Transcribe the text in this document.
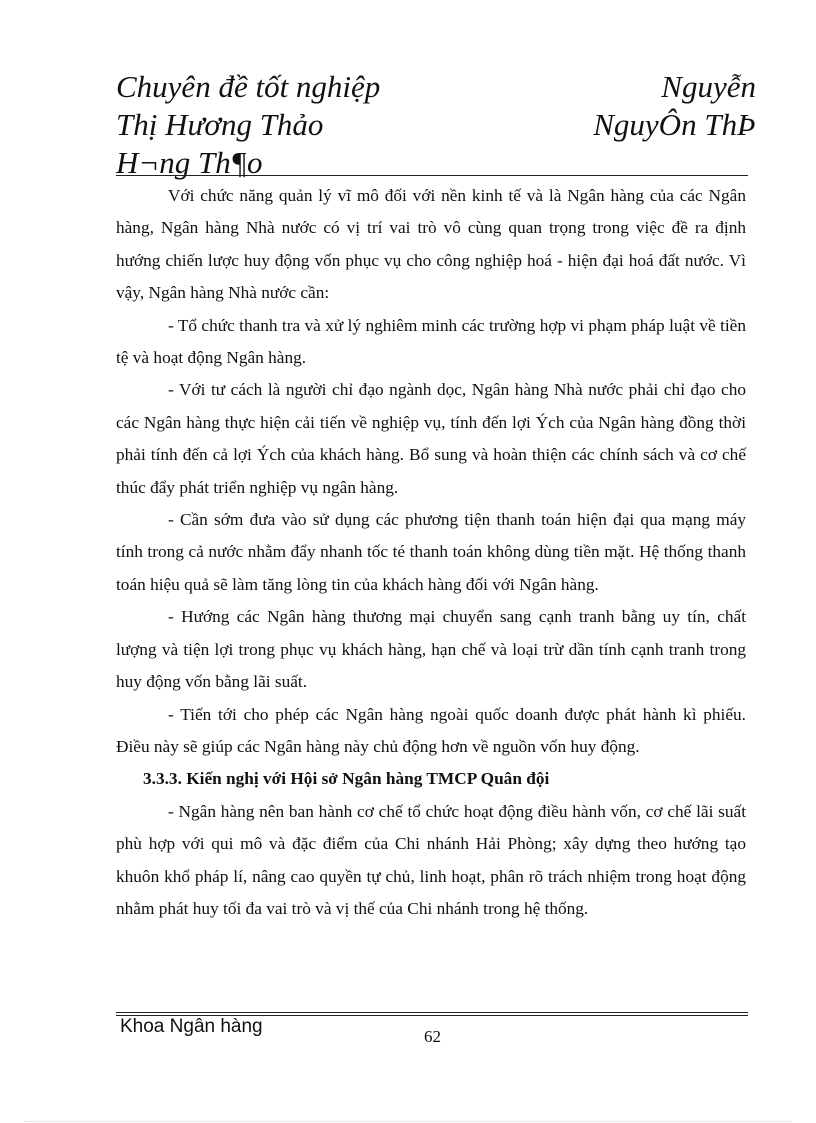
Chuyên đề tốt nghiệp	Nguyễn
Thị Hương Thảo	NguyÔn ThÞ
H¬ng Th¶o

Với chức năng quản lý vĩ mô đối với nền kinh tế và là Ngân hàng của các Ngân hàng, Ngân hàng Nhà nước có vị trí vai trò vô cùng quan trọng trong việc đề ra định hướng chiến lược huy động vốn phục vụ cho công nghiệp hoá - hiện đại hoá đất nước. Vì vậy, Ngân hàng Nhà nước cần:

- Tổ chức thanh tra và xử lý nghiêm minh các trường hợp vi phạm pháp luật về tiền tệ và hoạt động Ngân hàng.

- Với tư cách là người chỉ đạo ngành dọc, Ngân hàng Nhà nước phải chỉ đạo cho các Ngân hàng thực hiện cải tiến về nghiệp vụ, tính đến lợi Ých của Ngân hàng đồng thời phải tính đến cả lợi Ých của khách hàng. Bổ sung và hoàn thiện các chính sách và cơ chế thúc đẩy phát triển nghiệp vụ ngân hàng.

- Cần sớm đưa vào sử dụng các phương tiện thanh toán hiện đại qua mạng máy tính trong cả nước nhằm đẩy nhanh tốc té thanh toán không dùng tiền mặt. Hệ thống thanh toán hiệu quả sẽ làm tăng lòng tin của khách hàng đối với Ngân hàng.

- Hướng các Ngân hàng thương mại chuyển sang cạnh tranh bằng uy tín, chất lượng và tiện lợi trong phục vụ khách hàng, hạn chế và loại trừ dần tính cạnh tranh trong huy động vốn bằng lãi suất.

- Tiến tới cho phép các Ngân hàng ngoài quốc doanh được phát hành kì phiếu. Điều này sẽ giúp các Ngân hàng này chủ động hơn về nguồn vốn huy động.

3.3.3. Kiến nghị với Hội sở Ngân hàng TMCP Quân đội

- Ngân hàng nên ban hành cơ chế tổ chức hoạt động điều hành vốn, cơ chế lãi suất phù hợp với qui mô và đặc điểm của Chi nhánh Hải Phòng; xây dựng theo hướng tạo khuôn khổ pháp lí, nâng cao quyền tự chủ, linh hoạt, phân rõ trách nhiệm trong hoạt động nhằm phát huy tối đa vai trò và vị thế của Chi nhánh trong hệ thống.

Khoa Ngân hàng	62
